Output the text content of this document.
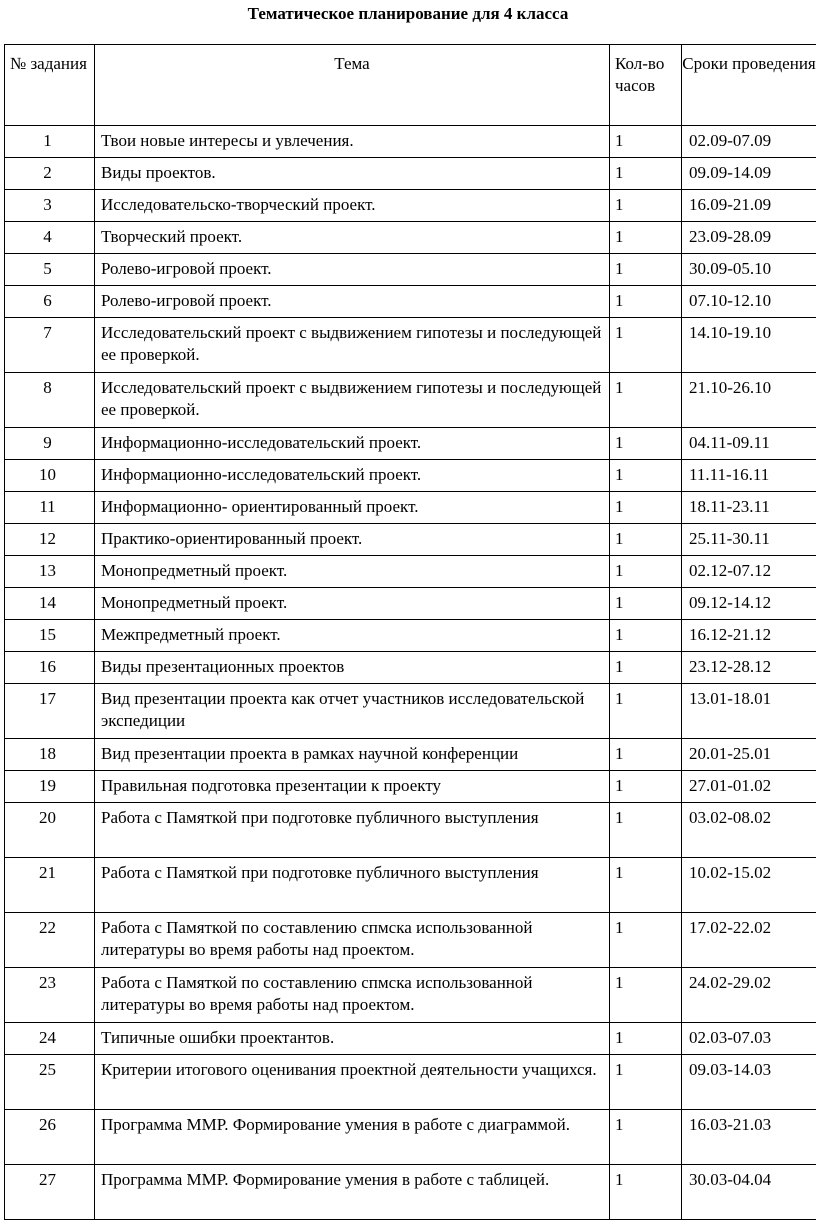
Тематическое планирование для 4 класса
№ задания	Тема	Кол-во часов	Сроки проведения
1	Твои новые интересы и увлечения.	1	02.09-07.09
2	Виды проектов.	1	09.09-14.09
3	Исследовательско-творческий проект.	1	16.09-21.09
4	Творческий проект.	1	23.09-28.09
5	Ролево-игровой проект.	1	30.09-05.10
6	Ролево-игровой проект.	1	07.10-12.10
7	Исследовательский проект с выдвижением гипотезы и последующей ее проверкой.	1	14.10-19.10
8	Исследовательский проект с выдвижением гипотезы и последующей ее проверкой.	1	21.10-26.10
9	Информационно-исследовательский проект.	1	04.11-09.11
10	Информационно-исследовательский проект.	1	11.11-16.11
11	Информационно- ориентированный проект.	1	18.11-23.11
12	Практико-ориентированный проект.	1	25.11-30.11
13	Монопредметный проект.	1	02.12-07.12
14	Монопредметный проект.	1	09.12-14.12
15	Межпредметный проект.	1	16.12-21.12
16	Виды презентационных проектов	1	23.12-28.12
17	Вид презентации проекта как отчет участников исследовательской экспедиции	1	13.01-18.01
18	Вид презентации проекта в рамках научной конференции	1	20.01-25.01
19	Правильная подготовка презентации к проекту	1	27.01-01.02
20	Работа с Памяткой при подготовке публичного выступления	1	03.02-08.02
21	Работа с Памяткой при подготовке публичного выступления	1	10.02-15.02
22	Работа с Памяткой по составлению спмска использованной литературы во время работы над проектом.	1	17.02-22.02
23	Работа с Памяткой по составлению спмска использованной литературы во время работы над проектом.	1	24.02-29.02
24	Типичные ошибки проектантов.	1	02.03-07.03
25	Критерии итогового оценивания проектной деятельности учащихся.	1	09.03-14.03
26	Программа MMP. Формирование умения в работе с диаграммой.	1	16.03-21.03
27	Программа MMP. Формирование умения в работе с таблицей.	1	30.03-04.04
